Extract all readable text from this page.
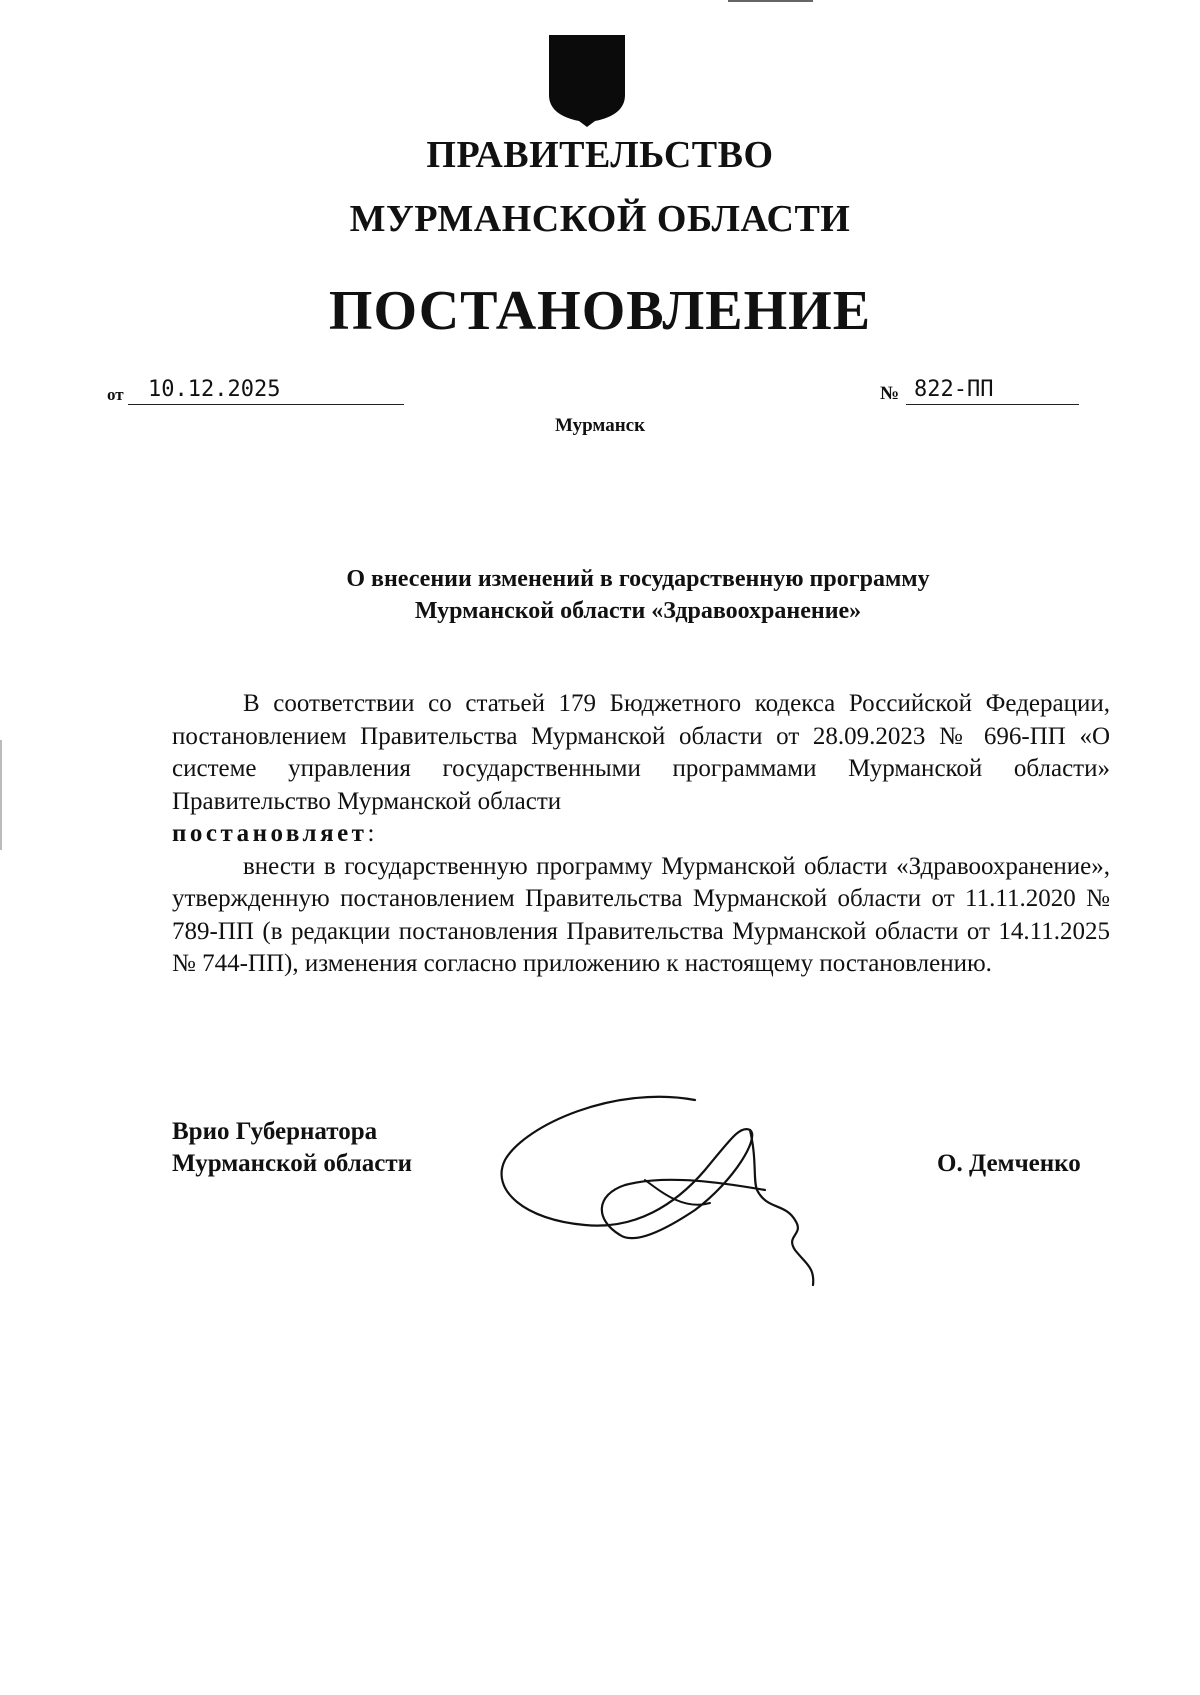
ПРАВИТЕЛЬСТВО
МУРМАНСКОЙ ОБЛАСТИ
ПОСТАНОВЛЕНИЕ
от	10.12.2025	№ 822-ПП
Мурманск
О внесении изменений в государственную программу
Мурманской области «Здравоохранение»

В соответствии со статьей 179 Бюджетного кодекса Российской Федерации, постановлением Правительства Мурманской области от 28.09.2023 № 696-ПП «О системе управления государственными программами Мурманской области» Правительство Мурманской области
постановляет:

внести в государственную программу Мурманской области «Здравоохранение», утвержденную постановлением Правительства Мурманской области от 11.11.2020 № 789-ПП (в редакции постановления Правительства Мурманской области от 14.11.2025 № 744-ПП), изменения согласно приложению к настоящему постановлению.

Врио Губернатора
Мурманской области	О. Демченко
